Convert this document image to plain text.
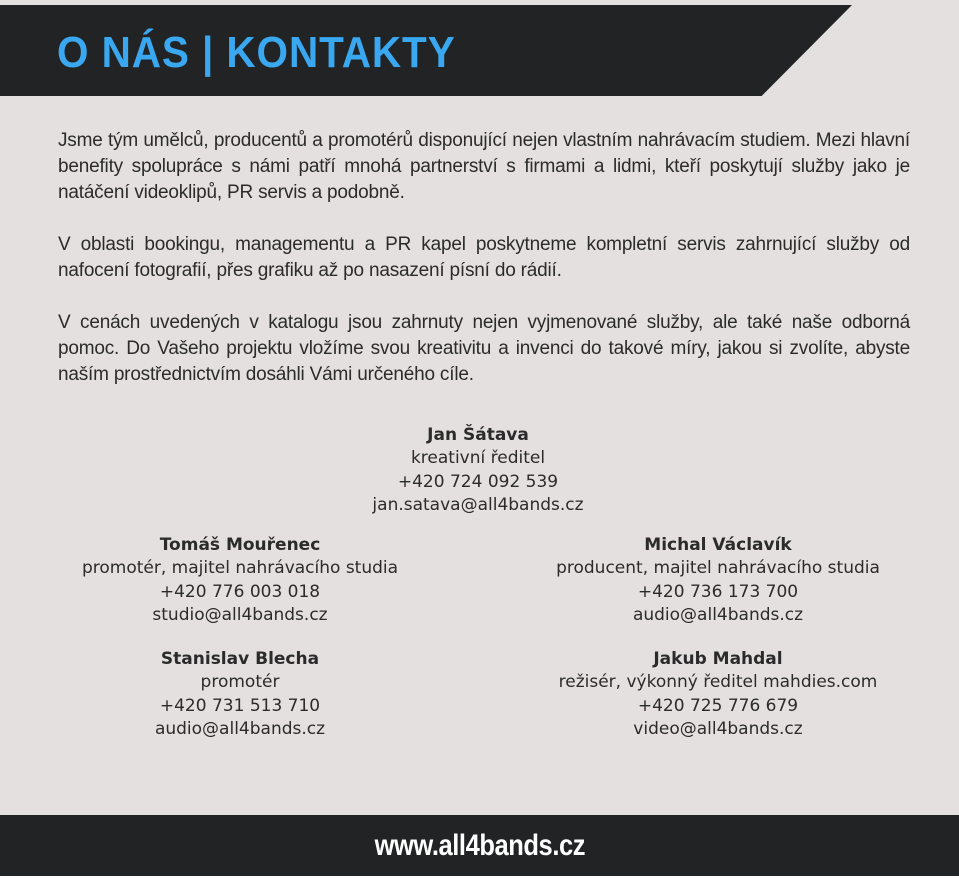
O NÁS | KONTAKTY

Jsme tým umělců, producentů a promotérů disponující nejen vlastním nahrávacím studiem. Mezi hlavní benefity spolupráce s námi patří mnohá partnerství s firmami a lidmi, kteří poskytují služby jako je natáčení videoklipů, PR servis a podobně.

V oblasti bookingu, managementu a PR kapel poskytneme kompletní servis zahrnující služby od nafocení fotografií, přes grafiku až po nasazení písní do rádií.

V cenách uvedených v katalogu jsou zahrnuty nejen vyjmenované služby, ale také naše odborná pomoc. Do Vašeho projektu vložíme svou kreativitu a invenci do takové míry, jakou si zvolíte, abyste naším prostřednictvím dosáhli Vámi určeného cíle.

Jan Šátava
kreativní ředitel
+420 724 092 539
jan.satava@all4bands.cz
Tomáš Mouřenec
promotér, majitel nahrávacího studia
+420 776 003 018
studio@all4bands.cz
Michal Václavík
producent, majitel nahrávacího studia
+420 736 173 700
audio@all4bands.cz
Stanislav Blecha
promotér
+420 731 513 710
audio@all4bands.cz
Jakub Mahdal
režisér, výkonný ředitel mahdies.com
+420 725 776 679
video@all4bands.cz
www.all4bands.cz
